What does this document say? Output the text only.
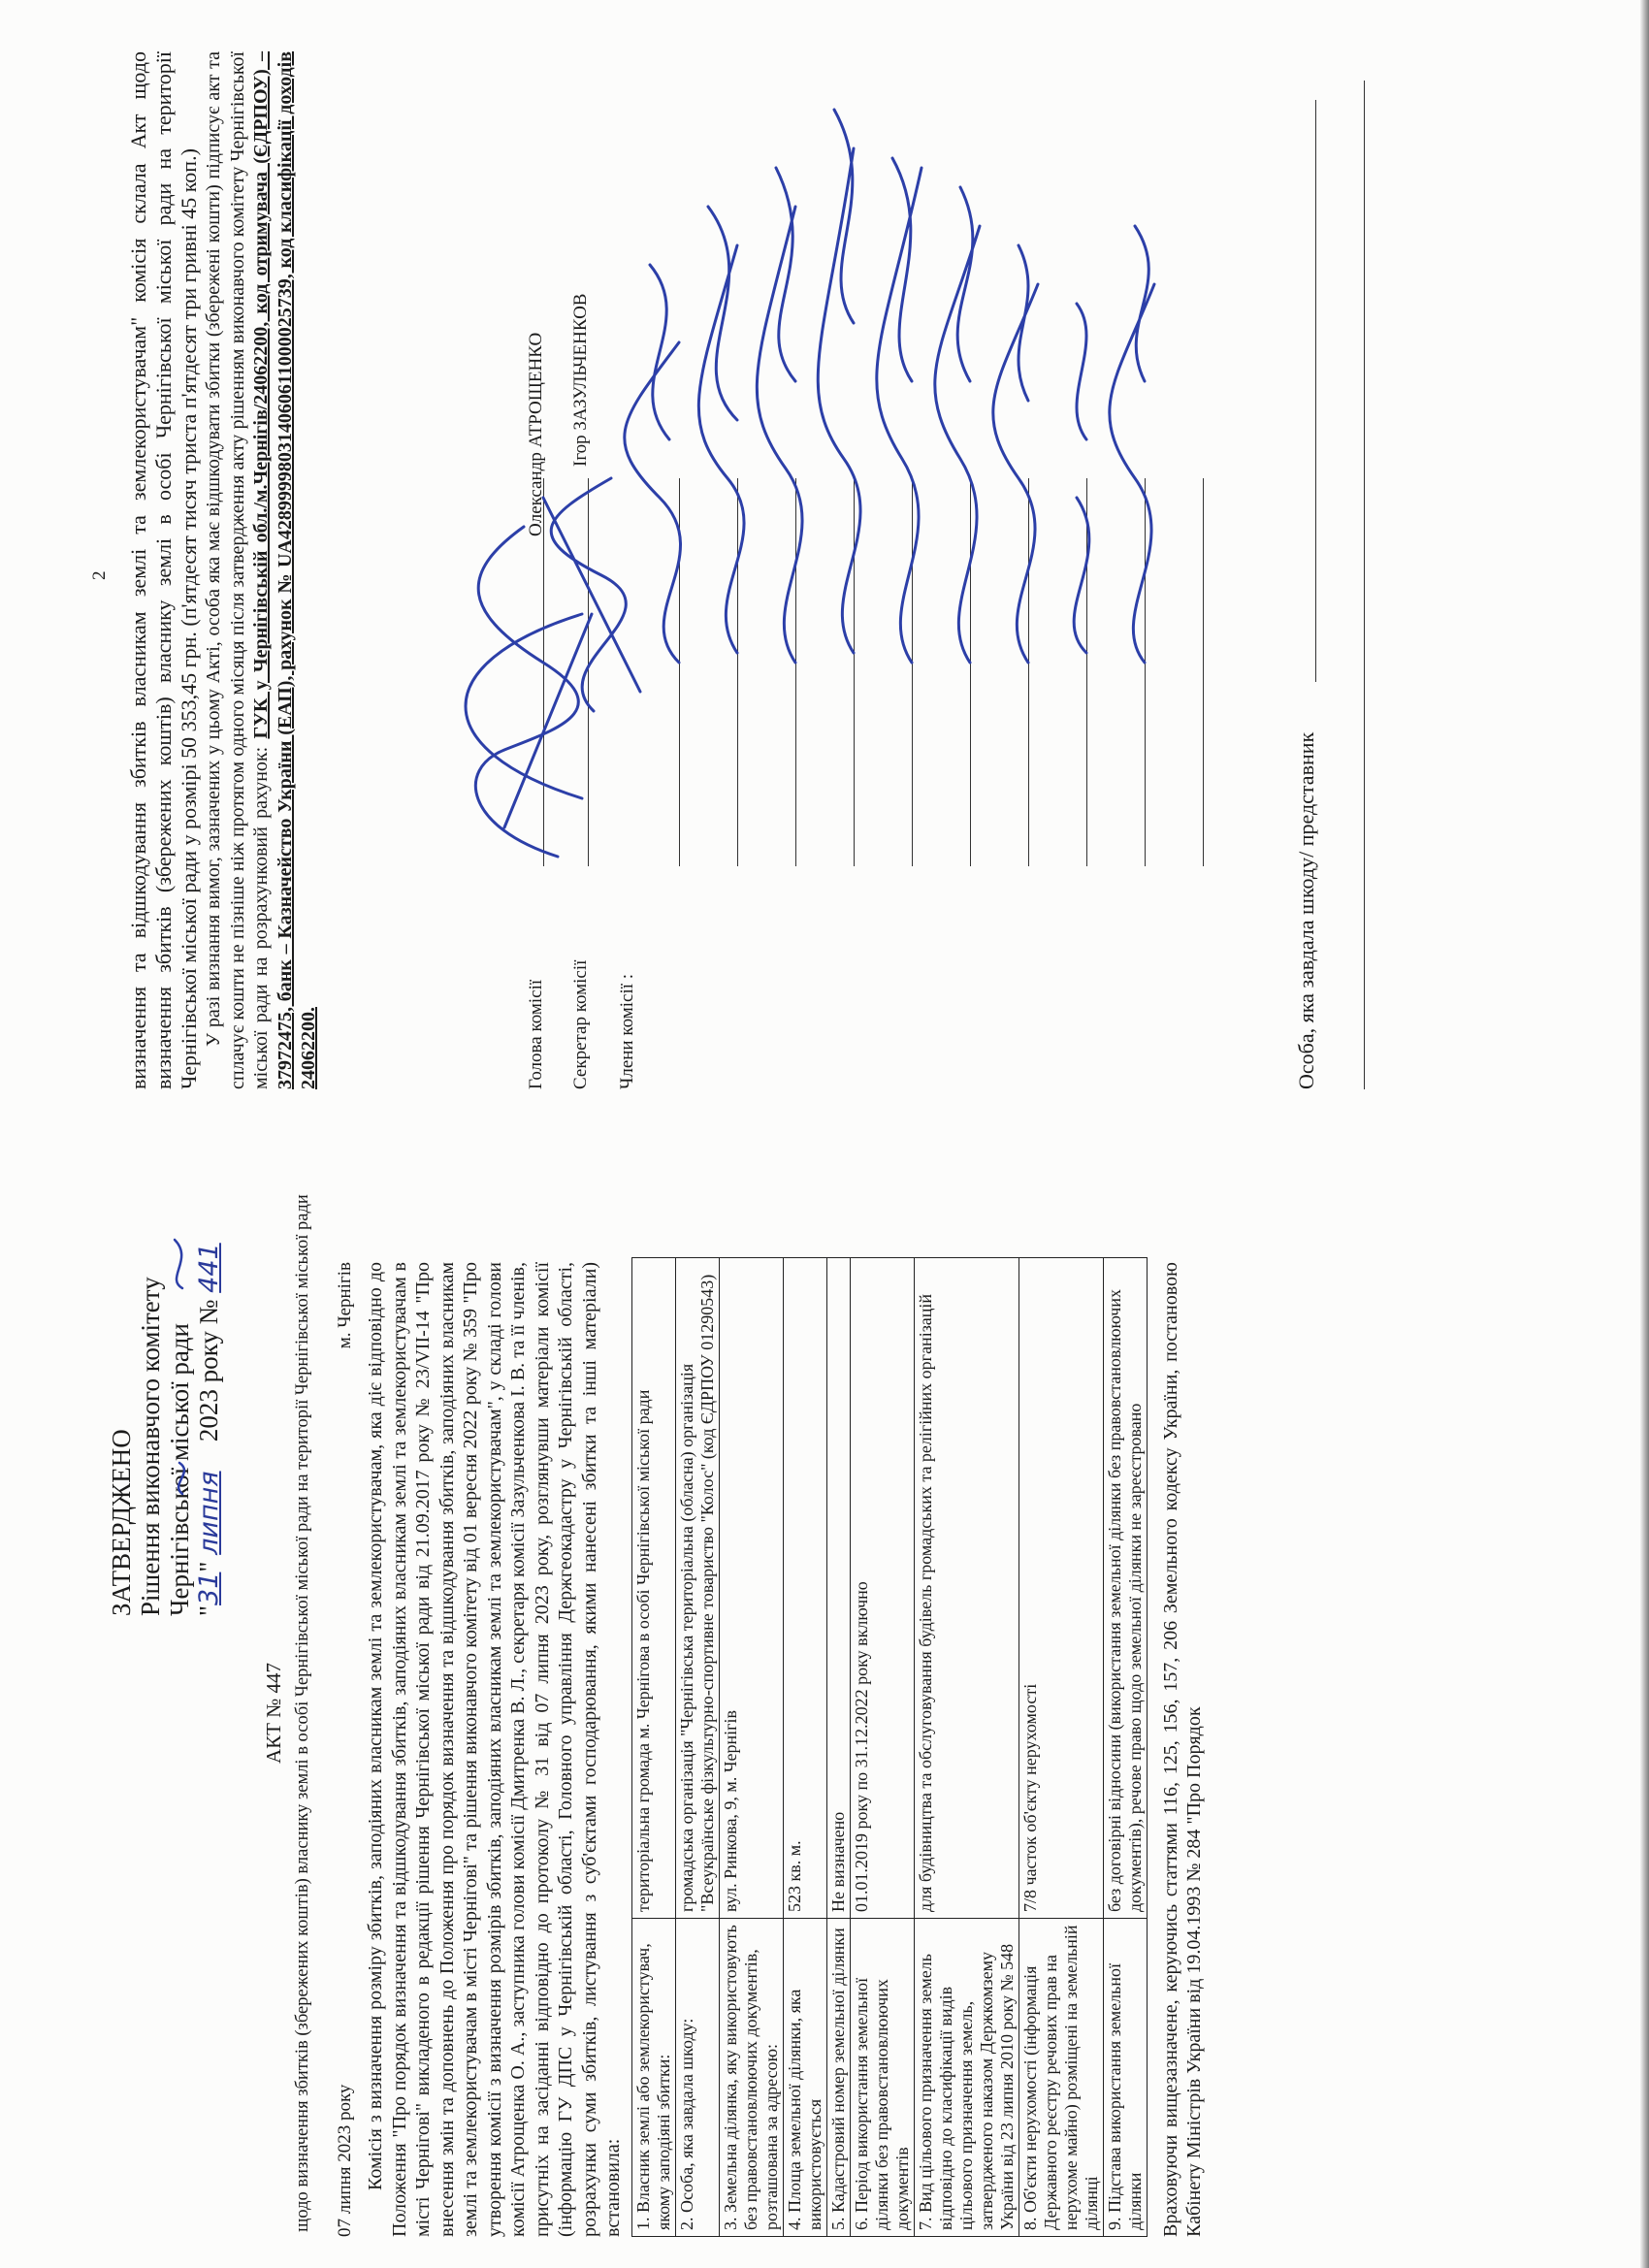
ЗАТВЕРДЖЕНО Рішення виконавчого комітету Чернігівської міської ради "31" липня 2023 року № 441
АКТ № 447 щодо визначення збитків (збережених коштів) власнику землі в особі Чернігівської міської ради на території Чернігівської міської ради 07 липня 2023 року
м. Чернігів Комісія з визначення розміру збитків, заподіяних власникам землі та землекористувачам, яка діє відповідно до Положення "Про порядок визначення та відшкодування збитків, заподіяних власникам землі та землекористувачам в місті Чернігові" викладеного в редакції рішення Чернігівської міської ради від 21.09.2017 року № 23/VII-14 "Про внесення змін та доповнень до Положення про порядок визначення та відшкодування збитків, заподіяних власникам землі та землекористувачам в місті Чернігові" та рішення виконавчого комітету від 01 вересня 2022 року № 359 "Про утворення комісії з визначення розмірів збитків, заподіяних власникам землі та землекористувачам", у складі голови комісії Атрощенка О. А., заступника голови комісії Дмитренка В. Л., секретаря комісії Зазульченкова І. В. та її членів, присутніх на засіданні відповідно до протоколу № 31 від 07 липня 2023 року, розглянувши матеріали комісії (інформацію ГУ ДПС у Чернігівській області, Головного управління Держгеокадастру у Чернігівській області, розрахунки суми збитків, листування з суб'єктами господарювання, якими нанесені збитки та інші матеріали) встановила: 1. Власник землі або землекористувач, якому заподіяні збитки:	територіальна громада м. Чернігова в особі Чернігівської міської ради
2. Особа, яка завдала шкоду:	громадська організація "Чернігівська територіальна (обласна) організація "Всеукраїнське фізкультурно-спортивне товариство "Колос" (код ЄДРПОУ 01290543)
3. Земельна ділянка, яку використовують без правовстановлюючих документів, розташована за адресою:	вул. Ринкова, 9, м. Чернігів
4. Площа земельної ділянки, яка використовується	523 кв. м.
5. Кадастровий номер земельної ділянки	Не визначено
6. Період використання земельної ділянки без правовстановлюючих документів	01.01.2019 року по 31.12.2022 року включно
7. Вид цільового призначення земель відповідно до класифікації видів цільового призначення земель, затвердженого наказом Держкомзему України від 23 липня 2010 року № 548	для будівництва та обслуговування будівель громадських та релігійних організацій
8. Об'єкти нерухомості (інформація Державного реєстру речових прав на нерухоме майно) розміщені на земельній ділянці	7/8 часток об'єкту нерухомості
9. Підстава використання земельної ділянки	без договірні відносини (використання земельної ділянки без правовстановлюючих документів), речове право щодо земельної ділянки не зареєстровано Враховуючи вищезазначене, керуючись статтями 116, 125, 156, 157, 206 Земельного кодексу України, постановою Кабінету Міністрів України від 19.04.1993 № 284 "Про Порядок
2 визначення та відшкодування збитків власникам землі та землекористувачам" комісія склала Акт щодо визначення збитків (збережених коштів) власнику землі в особі Чернігівської міської ради на території Чернігівської міської ради у розмірі 50 353,45 грн. (п'ятдесят тисяч триста п'ятдесят три гривні 45 коп.) У разі визнання вимог, зазначених у цьому Акті, особа яка має відшкодувати збитки (збережені кошти) підписує акт та сплачує кошти не пізніше ніж протягом одного місяця після затвердження акту рішенням виконавчого комітету Чернігівської міської ради на розрахунковий рахунок: ГУК у Чернігівській обл./м.Чернігів/24062200, код отримувача (ЄДРПОУ) – 37972475, банк – Казначейство України (ЕАП), рахунок № UA428999980314060611000025739, код класифікації доходів 24062200.	Голова комісії
Олександр АТРОЩЕНКО
Секретар комісії
Ігор ЗАЗУЛЬЧЕНКОВ
Члени комісії :	Особа, яка завдала шкоду/ представник
